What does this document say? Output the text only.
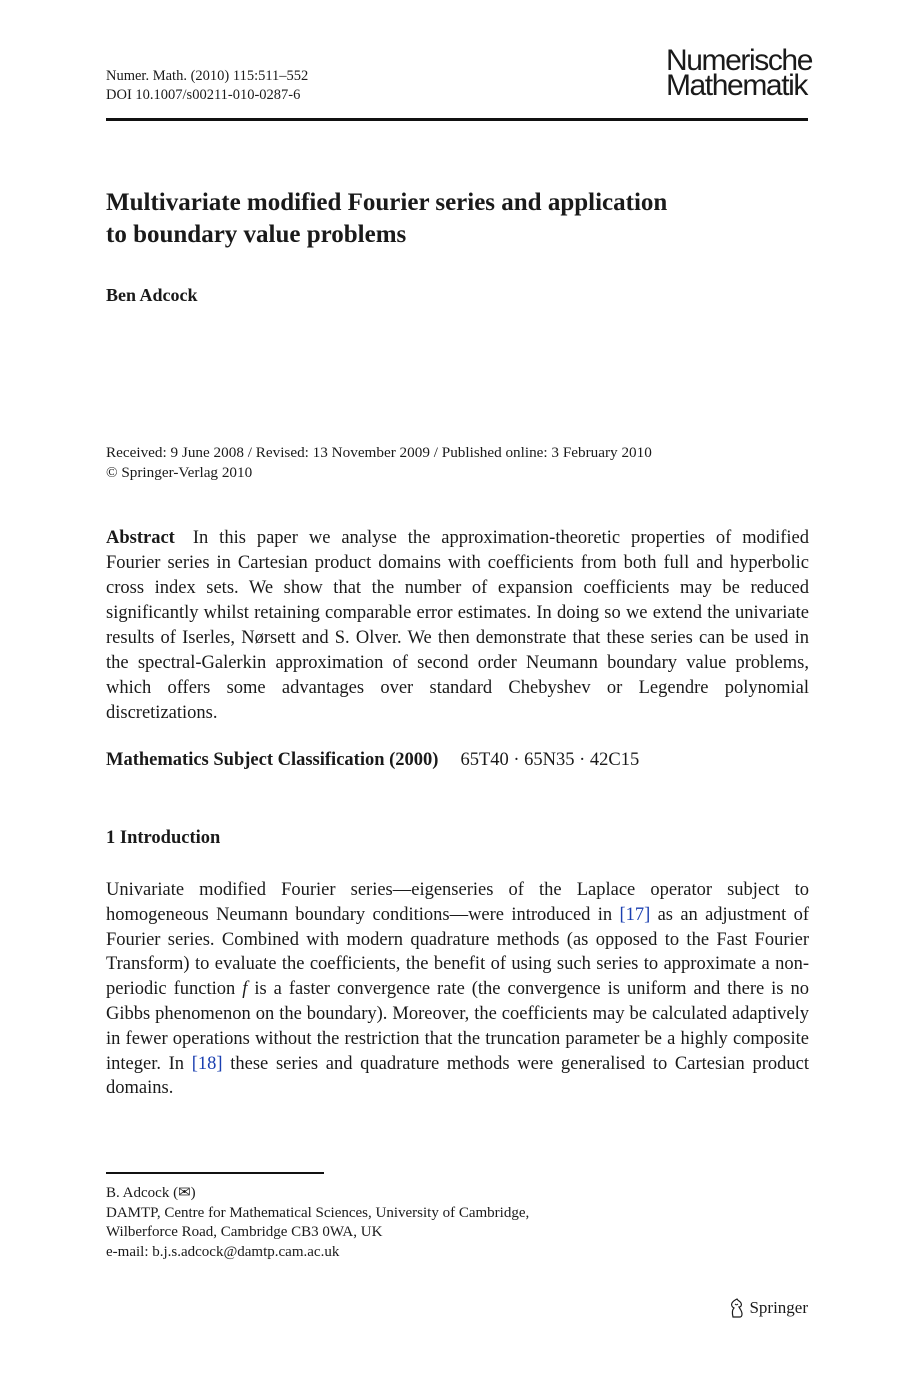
Numer. Math. (2010) 115:511–552
DOI 10.1007/s00211-010-0287-6
Numerische
Mathematik
Multivariate modified Fourier series and application
to boundary value problems
Ben Adcock
Received: 9 June 2008 / Revised: 13 November 2009 / Published online: 3 February 2010
© Springer-Verlag 2010
Abstract In this paper we analyse the approximation-theoretic properties of modified Fourier series in Cartesian product domains with coefficients from both full and hyperbolic cross index sets. We show that the number of expansion coefficients may be reduced significantly whilst retaining comparable error estimates. In doing so we extend the univariate results of Iserles, Nørsett and S. Olver. We then demonstrate that these series can be used in the spectral-Galerkin approximation of second order Neumann boundary value problems, which offers some advantages over standard Chebyshev or Legendre polynomial discretizations.
Mathematics Subject Classification (2000) 65T40 · 65N35 · 42C15
1 Introduction
Univariate modified Fourier series—eigenseries of the Laplace operator subject to homogeneous Neumann boundary conditions—were introduced in [17] as an adjustment of Fourier series. Combined with modern quadrature methods (as opposed to the Fast Fourier Transform) to evaluate the coefficients, the benefit of using such series to approximate a non-periodic function f is a faster convergence rate (the convergence is uniform and there is no Gibbs phenomenon on the boundary). Moreover, the coefficients may be calculated adaptively in fewer operations without the restriction that the truncation parameter be a highly composite integer. In [18] these series and quadrature methods were generalised to Cartesian product domains.
B. Adcock (✉)
DAMTP, Centre for Mathematical Sciences, University of Cambridge,
Wilberforce Road, Cambridge CB3 0WA, UK
e-mail: b.j.s.adcock@damtp.cam.ac.uk
Springer
